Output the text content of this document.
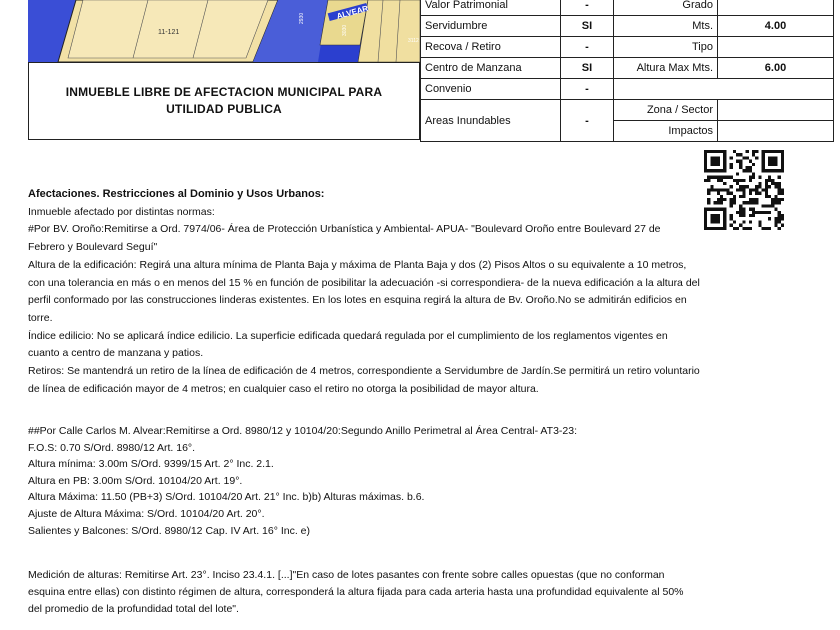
ALVEAR
11-121
2930
3030
3112
INMUEBLE LIBRE DE AFECTACION MUNICIPAL PARA UTILIDAD PUBLICA
Valor Patrimonial	-	Grado	
Servidumbre	SI	Mts.	4.00
Recova / Retiro	-	Tipo	
Centro de Manzana	SI	Altura Max Mts.	6.00
Convenio	-		
Areas Inundables	-	Zona / Sector	
		Impactos	

Afectaciones. Restricciones al Dominio y Usos Urbanos:

Inmueble afectado por distintas normas:

#Por BV. Oroño:Remitirse a Ord. 7974/06- Área de Protección Urbanística y Ambiental- APUA- "Boulevard Oroño entre Boulevard 27 de Febrero y Boulevard Seguí"

Altura de la edificación: Regirá una altura mínima de Planta Baja y máxima de Planta Baja y dos (2) Pisos Altos o su equivalente a 10 metros, con una tolerancia en más o en menos del 15 % en función de posibilitar la adecuación -si correspondiera- de la nueva edificación a la altura del perfil conformado por las construcciones linderas existentes. En los lotes en esquina regirá la altura de Bv. Oroño.No se admitirán edificios en torre.

Índice edilicio: No se aplicará índice edilicio. La superficie edificada quedará regulada por el cumplimiento de los reglamentos vigentes en cuanto a centro de manzana y patios.

Retiros: Se mantendrá un retiro de la línea de edificación de 4 metros, correspondiente a Servidumbre de Jardín.Se permitirá un retiro voluntario de línea de edificación mayor de 4 metros; en cualquier caso el retiro no otorga la posibilidad de mayor altura.

##Por Calle Carlos M. Alvear:Remitirse a Ord. 8980/12 y 10104/20:Segundo Anillo Perimetral al Área Central- AT3-23:

F.O.S: 0.70 S/Ord. 8980/12 Art. 16°.

Altura mínima: 3.00m S/Ord. 9399/15 Art. 2° Inc. 2.1.

Altura en PB: 3.00m S/Ord. 10104/20 Art. 19°.

Altura Máxima: 11.50 (PB+3) S/Ord. 10104/20 Art. 21° Inc. b)b) Alturas máximas. b.6.

Ajuste de Altura Máxima: S/Ord. 10104/20 Art. 20°.

Salientes y Balcones: S/Ord. 8980/12 Cap. IV Art. 16° Inc. e)

Medición de alturas: Remitirse Art. 23°. Inciso 23.4.1. [...]"En caso de lotes pasantes con frente sobre calles opuestas (que no conforman esquina entre ellas) con distinto régimen de altura, corresponderá la altura fijada para cada arteria hasta una profundidad equivalente al 50% del promedio de la profundidad total del lote".
